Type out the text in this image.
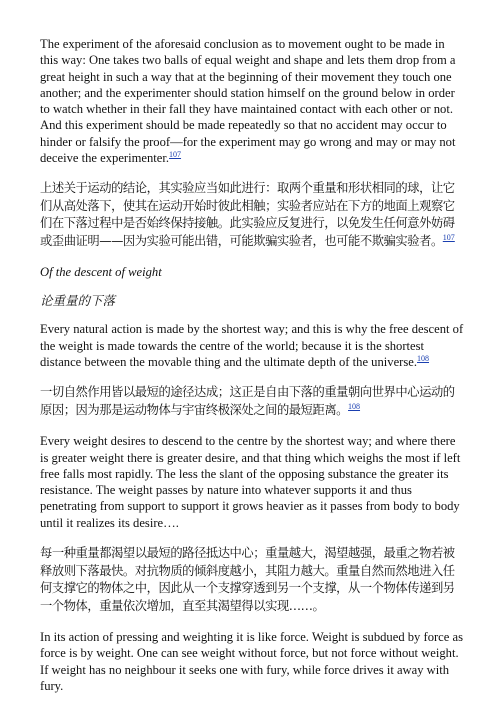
The experiment of the aforesaid conclusion as to movement ought to be made in this way: One takes two balls of equal weight and shape and lets them drop from a great height in such a way that at the beginning of their movement they touch one another; and the experimenter should station himself on the ground below in order to watch whether in their fall they have maintained contact with each other or not. And this experiment should be made repeatedly so that no accident may occur to hinder or falsify the proof—for the experiment may go wrong and may or may not deceive the experimenter.$^{107}$

上述关于运动的结论，其实验应当如此进行：取两个重量和形状相同的球，让它们从高处落下，使其在运动开始时彼此相触；实验者应站在下方的地面上观察它们在下落过程中是否始终保持接触。此实验应反复进行，以免发生任何意外妨碍或歪曲证明——因为实验可能出错，可能欺骗实验者，也可能不欺骗实验者。$^{107}$

Of the descent of weight

论重量的下落

Every natural action is made by the shortest way; and this is why the free descent of the weight is made towards the centre of the world; because it is the shortest distance between the movable thing and the ultimate depth of the universe.$^{108}$

一切自然作用皆以最短的途径达成；这正是自由下落的重量朝向世界中心运动的原因；因为那是运动物体与宇宙终极深处之间的最短距离。$^{108}$

Every weight desires to descend to the centre by the shortest way; and where there is greater weight there is greater desire, and that thing which weighs the most if left free falls most rapidly. The less the slant of the opposing substance the greater its resistance. The weight passes by nature into whatever supports it and thus penetrating from support to support it grows heavier as it passes from body to body until it realizes its desire….

每一种重量都渴望以最短的路径抵达中心；重量越大，渴望越强，最重之物若被释放则下落最快。对抗物质的倾斜度越小，其阻力越大。重量自然而然地进入任何支撑它的物体之中，因此从一个支撑穿透到另一个支撑，从一个物体传递到另一个物体，重量依次增加，直至其渴望得以实现……。

In its action of pressing and weighting it is like force. Weight is subdued by force as force is by weight. One can see weight without force, but not force without weight. If weight has no neighbour it seeks one with fury, while force drives it away with fury.
